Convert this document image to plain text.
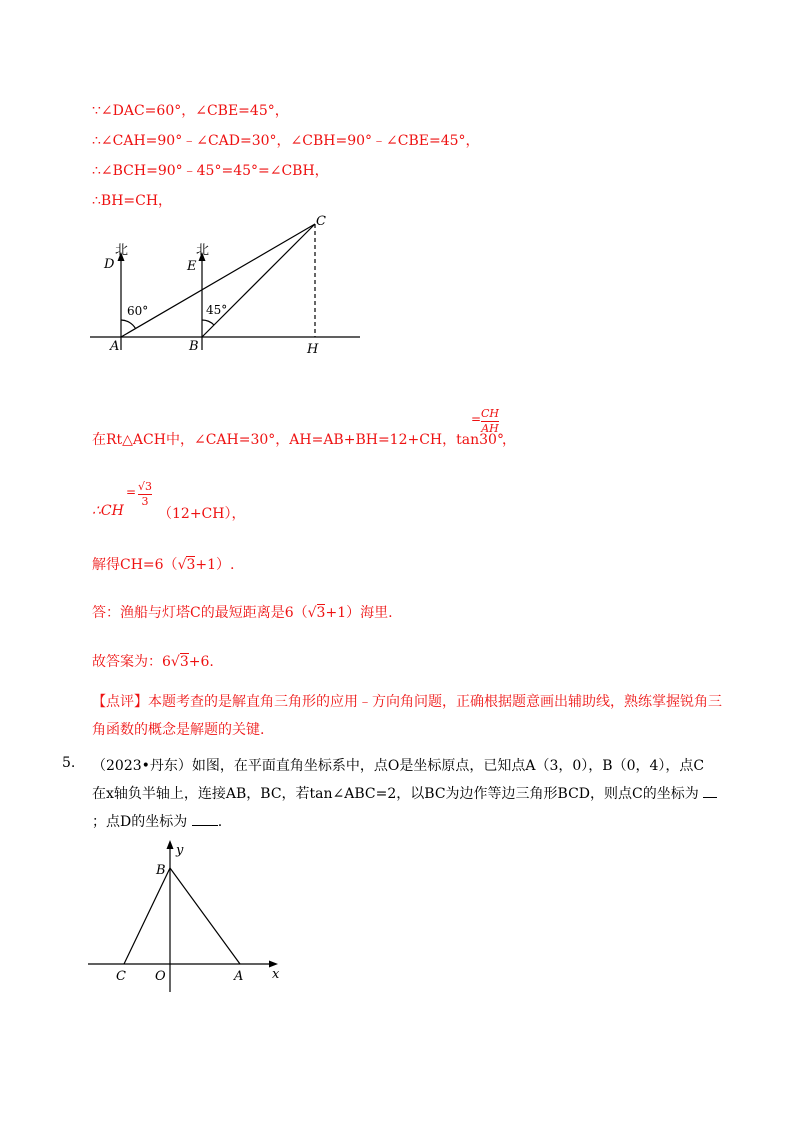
∵∠DAC=60°，∠CBE=45°，
∴∠CAH=90°﹣∠CAD=30°，∠CBH=90°﹣∠CBE=45°，
∴∠BCH=90°﹣45°=45°=∠CBH，
∴BH=CH，
北	北
D	E
C
A	B	H
60°	45°
在Rt△ACH中，∠CAH=30°，AH=AB+BH=12+CH，tan30°
= CH
AH
，
∴CH
= √3
3
（12+CH），
解得CH=6（√3+1）.
答：渔船与灯塔C的最短距离是6（√3+1）海里.
故答案为：6√3+6.
【点评】本题考查的是解直角三角形的应用﹣方向角问题，正确根据题意画出辅助线，熟练掌握锐角三
角函数的概念是解题的关键.
5. （2023•丹东）如图，在平面直角坐标系中，点O是坐标原点，已知点A（3，0），B（0，4），点C
在x轴负半轴上，连接AB，BC，若tan∠ABC=2，以BC为边作等边三角形BCD，则点C的坐标为
；点D的坐标为 .
y
x
B
C O	A
